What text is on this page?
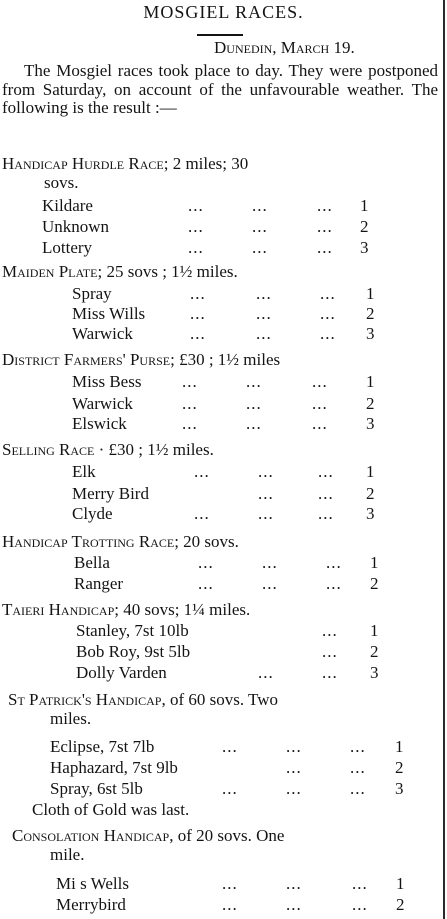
MOSGIEL RACES.
Dunedin, March 19.
The Mosgiel races took place to day. They were postponed from Saturday, on account of the unfavourable weather. The following is the result :—
Handicap Hurdle Race; 2 miles; 30
sovs.
Kildare	...	...	... 1
Unknown	...	...	... 2
Lottery	...	...	... 3
Maiden Plate; 25 sovs ; 1½ miles.
Spray	...	...	... 1
Miss Wills	...	...	... 2
Warwick	...	...	... 3
District Farmers' Purse; £30 ; 1½ miles
Miss Bess ...	...	... 1
Warwick	...	...	... 2
Elswick	...	...	... 3
Selling Race · £30 ; 1½ miles.
Elk	...	...	... 1
Merry Bird	...	... 2
Clyde	...	...	... 3
Handicap Trotting Race; 20 sovs.
Bella	...	...	... 1
Ranger	...	...	... 2
Taieri Handicap; 40 sovs; 1¼ miles.
Stanley, 7st 10lb	... 1
Bob Roy, 9st 5lb	... 2
Dolly Varden	...	... 3
St Patrick's Handicap, of 60 sovs. Two
miles.
Eclipse, 7st 7lb	...	...	... 1
Haphazard, 7st 9lb	...	... 2
Spray, 6st 5lb	...	...	... 3
Cloth of Gold was last.
Consolation Handicap, of 20 sovs. One
mile.
Mi s Wells	...	...	... 1
Merrybird	...	...	... 2
